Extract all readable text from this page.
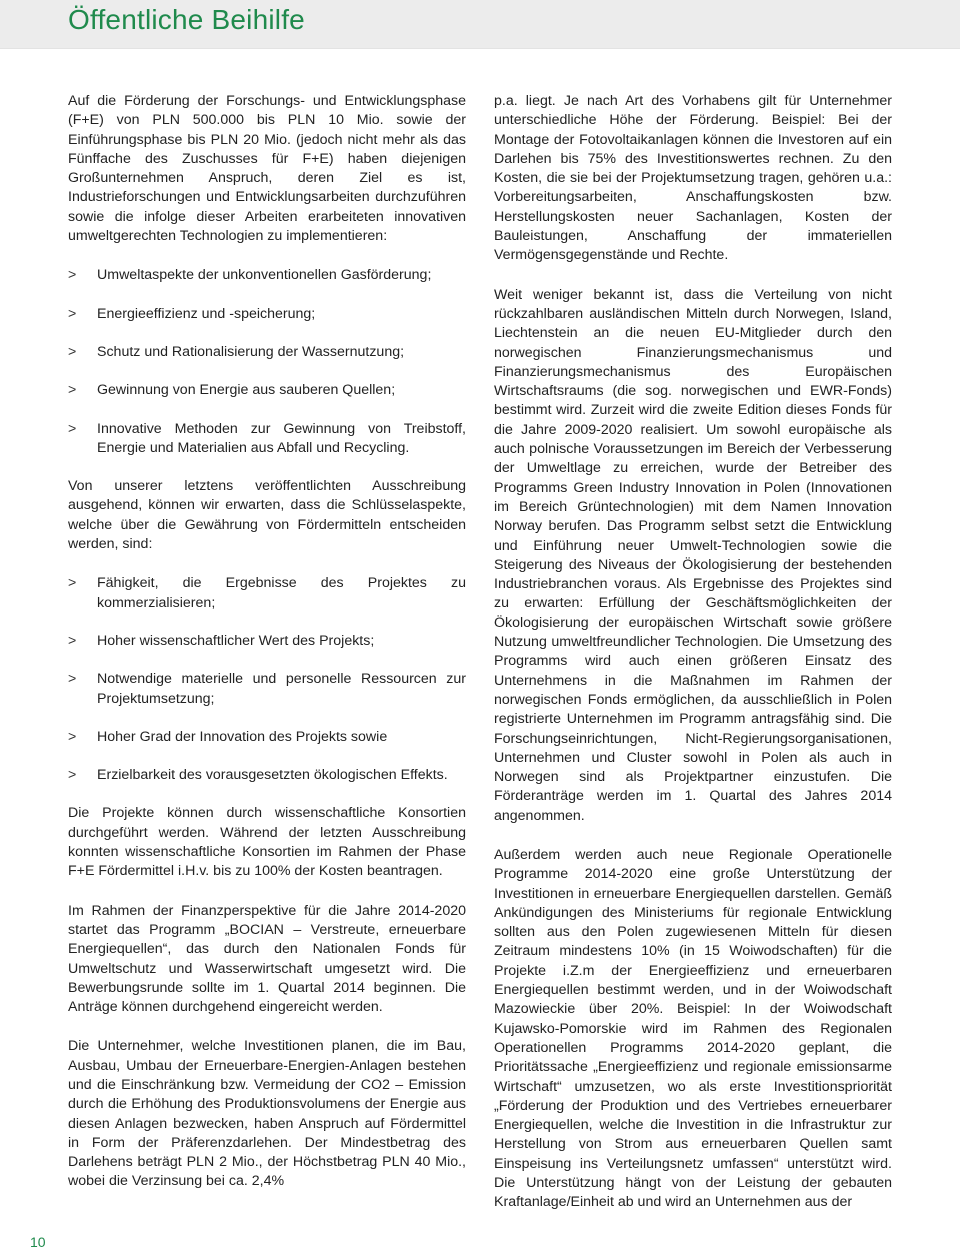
Öffentliche Beihilfe

Auf die Förderung der Forschungs- und Entwicklungsphase (F+E) von PLN 500.000 bis PLN 10 Mio. sowie der Einführungsphase bis PLN 20 Mio. (jedoch nicht mehr als das Fünffache des Zuschusses für F+E) haben diejenigen Großunternehmen Anspruch, deren Ziel es ist, Industrieforschungen und Entwicklungsarbeiten durchzuführen sowie die infolge dieser Arbeiten erarbeiteten innovativen umweltgerechten Technologien zu implementieren:

> Umweltaspekte der unkonventionellen Gasförderung;
> Energieeffizienz und -speicherung;
> Schutz und Rationalisierung der Wassernutzung;
> Gewinnung von Energie aus sauberen Quellen;
> Innovative Methoden zur Gewinnung von Treibstoff, Energie und Materialien aus Abfall und Recycling.

Von unserer letztens veröffentlichten Ausschreibung ausgehend, können wir erwarten, dass die Schlüsselaspekte, welche über die Gewährung von Fördermitteln entscheiden werden, sind:

> Fähigkeit, die Ergebnisse des Projektes zu kommerzialisieren;
> Hoher wissenschaftlicher Wert des Projekts;
> Notwendige materielle und personelle Ressourcen zur Projektumsetzung;
> Hoher Grad der Innovation des Projekts sowie
> Erzielbarkeit des vorausgesetzten ökologischen Effekts.

Die Projekte können durch wissenschaftliche Konsortien durchgeführt werden. Während der letzten Ausschreibung konnten wissenschaftliche Konsortien im Rahmen der Phase F+E Fördermittel i.H.v. bis zu 100% der Kosten beantragen.

Im Rahmen der Finanzperspektive für die Jahre 2014-2020 startet das Programm „BOCIAN – Verstreute, erneuerbare Energiequellen“, das durch den Nationalen Fonds für Umweltschutz und Wasserwirtschaft umgesetzt wird. Die Bewerbungsrunde sollte im 1. Quartal 2014 beginnen. Die Anträge können durchgehend eingereicht werden.

Die Unternehmer, welche Investitionen planen, die im Bau, Ausbau, Umbau der Erneuerbare-Energien-Anlagen bestehen und die Einschränkung bzw. Vermeidung der CO2 – Emission durch die Erhöhung des Produktionsvolumens der Energie aus diesen Anlagen bezwecken, haben Anspruch auf Fördermittel in Form der Präferenzdarlehen. Der Mindestbetrag des Darlehens beträgt PLN 2 Mio., der Höchstbetrag PLN 40 Mio., wobei die Verzinsung bei ca. 2,4%

p.a. liegt. Je nach Art des Vorhabens gilt für Unternehmer unterschiedliche Höhe der Förderung. Beispiel: Bei der Montage der Fotovoltaikanlagen können die Investoren auf ein Darlehen bis 75% des Investitionswertes rechnen. Zu den Kosten, die sie bei der Projektumsetzung tragen, gehören u.a.: Vorbereitungsarbeiten, Anschaffungskosten bzw. Herstellungskosten neuer Sachanlagen, Kosten der Bauleistungen, Anschaffung der immateriellen Vermögensgegenstände und Rechte.

Weit weniger bekannt ist, dass die Verteilung von nicht rückzahlbaren ausländischen Mitteln durch Norwegen, Island, Liechtenstein an die neuen EU-Mitglieder durch den norwegischen Finanzierungsmechanismus und Finanzierungsmechanismus des Europäischen Wirtschaftsraums (die sog. norwegischen und EWR-Fonds) bestimmt wird. Zurzeit wird die zweite Edition dieses Fonds für die Jahre 2009-2020 realisiert. Um sowohl europäische als auch polnische Voraussetzungen im Bereich der Verbesserung der Umweltlage zu erreichen, wurde der Betreiber des Programms Green Industry Innovation in Polen (Innovationen im Bereich Grüntechnologien) mit dem Namen Innovation Norway berufen. Das Programm selbst setzt die Entwicklung und Einführung neuer Umwelt-Technologien sowie die Steigerung des Niveaus der Ökologisierung der bestehenden Industriebranchen voraus. Als Ergebnisse des Projektes sind zu erwarten: Erfüllung der Geschäftsmöglichkeiten der Ökologisierung der europäischen Wirtschaft sowie größere Nutzung umweltfreundlicher Technologien. Die Umsetzung des Programms wird auch einen größeren Einsatz des Unternehmens in die Maßnahmen im Rahmen der norwegischen Fonds ermöglichen, da ausschließlich in Polen registrierte Unternehmen im Programm antragsfähig sind. Die Forschungseinrichtungen, Nicht-Regierungsorganisationen, Unternehmen und Cluster sowohl in Polen als auch in Norwegen sind als Projektpartner einzustufen. Die Förderanträge werden im 1. Quartal des Jahres 2014 angenommen.

Außerdem werden auch neue Regionale Operationelle Programme 2014-2020 eine große Unterstützung der Investitionen in erneuerbare Energiequellen darstellen. Gemäß Ankündigungen des Ministeriums für regionale Entwicklung sollten aus den Polen zugewiesenen Mitteln für diesen Zeitraum mindestens 10% (in 15 Woiwodschaften) für die Projekte i.Z.m der Energieeffizienz und erneuerbaren Energiequellen bestimmt werden, und in der Woiwodschaft Mazowieckie über 20%. Beispiel: In der Woiwodschaft Kujawsko-Pomorskie wird im Rahmen des Regionalen Operationellen Programms 2014-2020 geplant, die Prioritätssache „Energieeffizienz und regionale emissionsarme Wirtschaft“ umzusetzen, wo als erste Investitionspriorität „Förderung der Produktion und des Vertriebes erneuerbarer Energiequellen, welche die Investition in die Infrastruktur zur Herstellung von Strom aus erneuerbaren Quellen samt Einspeisung ins Verteilungsnetz umfassen“ unterstützt wird. Die Unterstützung hängt von der Leistung der gebauten Kraftanlage/Einheit ab und wird an Unternehmen aus der

10
